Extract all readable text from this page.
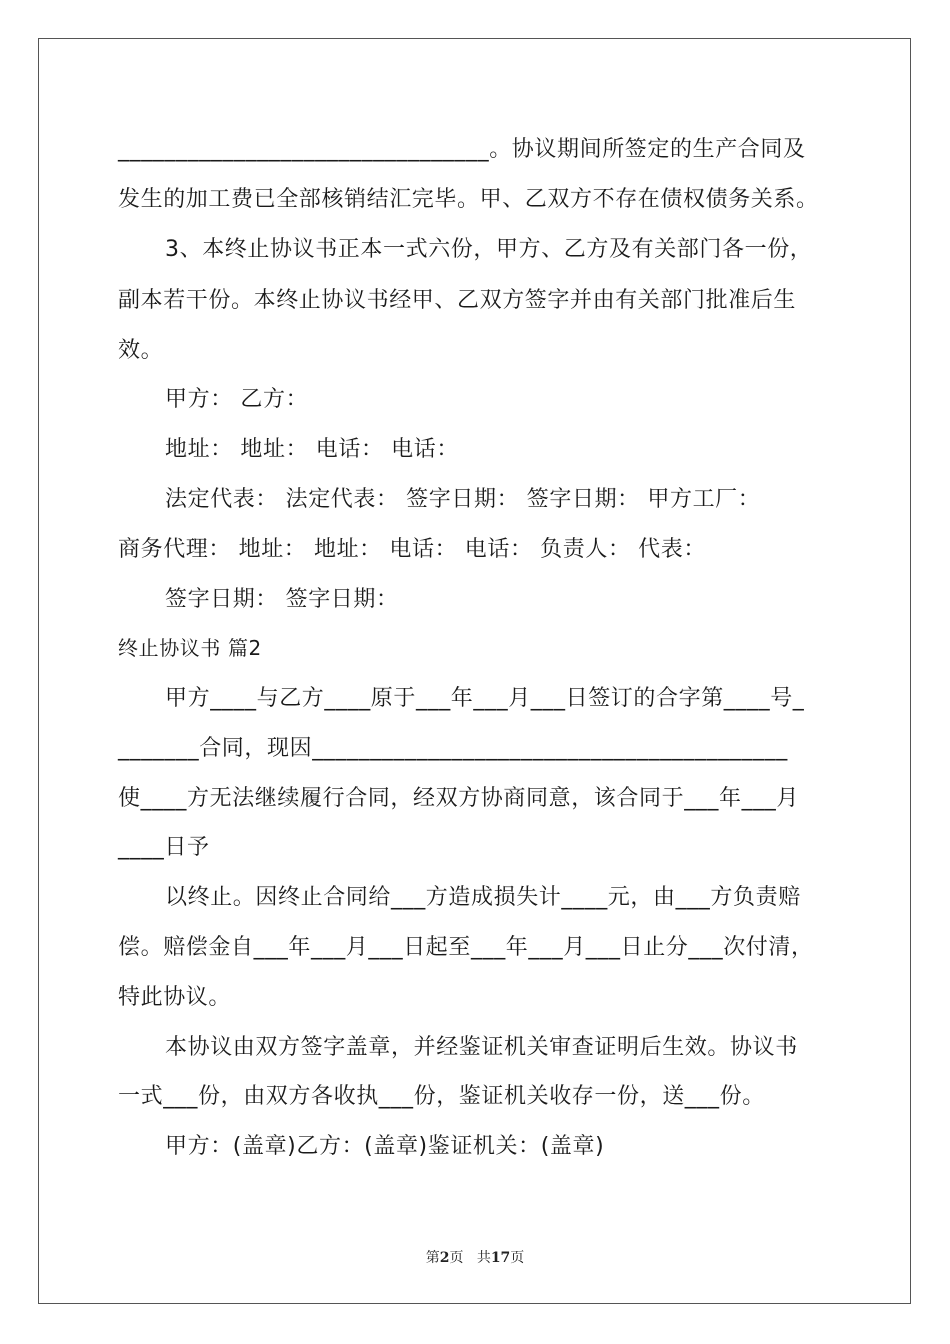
________________________________。协议期间所签定的生产合同及
发生的加工费已全部核销结汇完毕。甲、乙双方不存在债权债务关系。
3、本终止协议书正本一式六份，甲方、乙方及有关部门各一份，
副本若干份。本终止协议书经甲、乙双方签字并由有关部门批准后生
效。
甲方： 乙方：
地址： 地址： 电话： 电话：
法定代表： 法定代表： 签字日期： 签字日期： 甲方工厂：
商务代理： 地址： 地址： 电话： 电话： 负责人： 代表：
签字日期： 签字日期：
终止协议书 篇2
甲方____与乙方____原于___年___月___日签订的合字第____号_
_______合同，现因_________________________________________
使____方无法继续履行合同，经双方协商同意，该合同于___年___月
____日予
以终止。因终止合同给___方造成损失计____元，由___方负责赔
偿。赔偿金自___年___月___日起至___年___月___日止分___次付清，
特此协议。
本协议由双方签字盖章，并经鉴证机关审查证明后生效。协议书
一式___份，由双方各收执___份，鉴证机关收存一份，送___份。
甲方：(盖章)乙方：(盖章)鉴证机关：(盖章)
第2页 共17页
